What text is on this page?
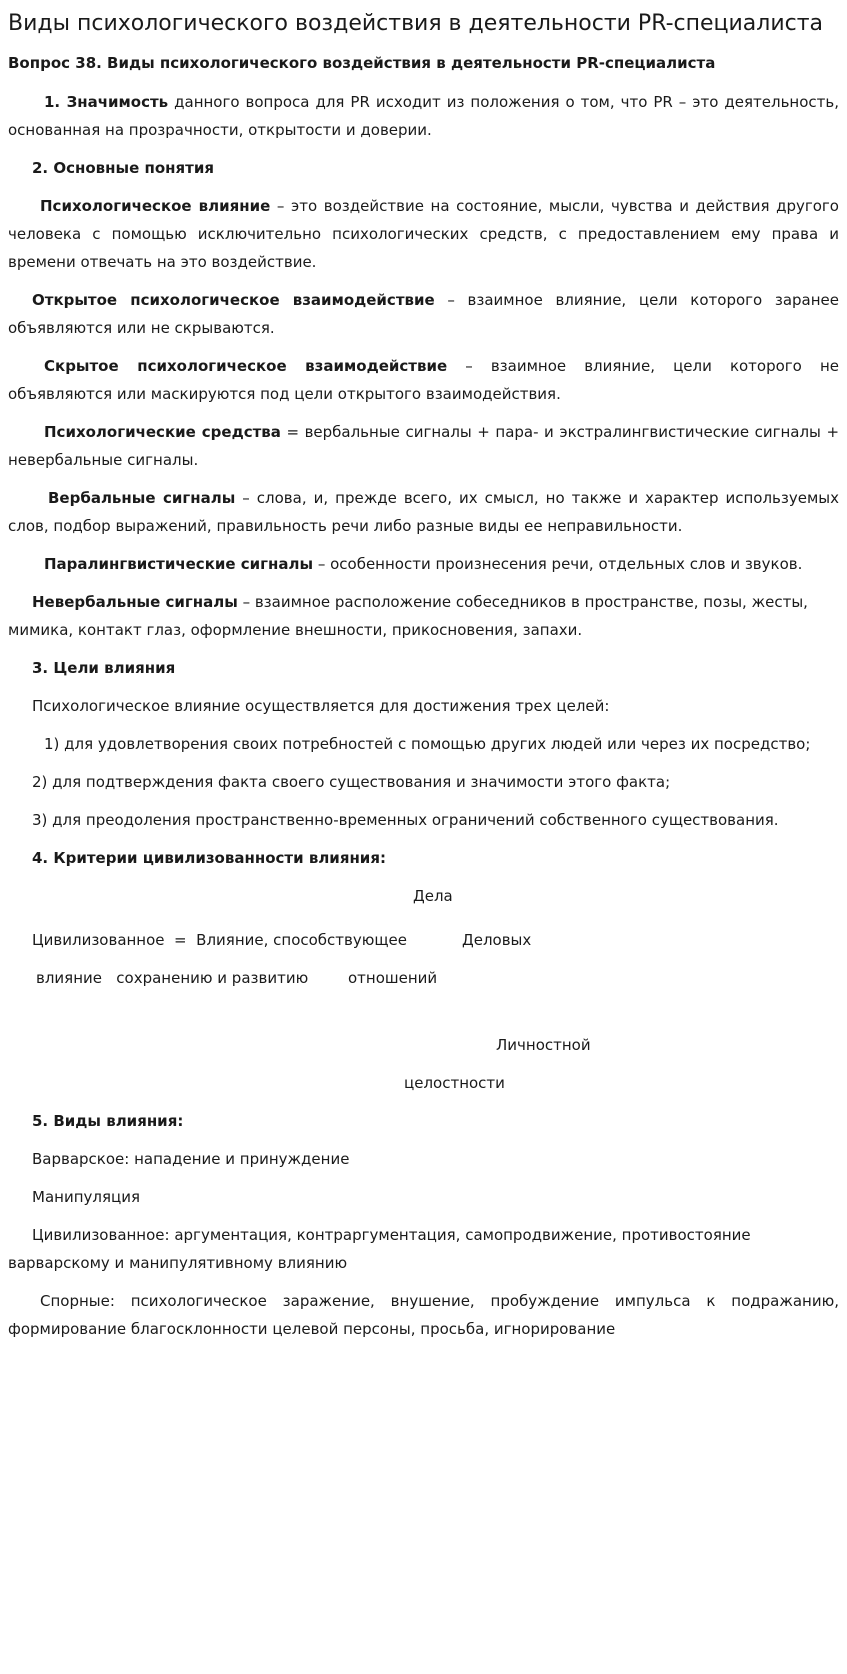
Виды психологического воздействия в деятельности PR-специалиста
Вопрос 38. Виды психологического воздействия в деятельности PR-специалиста

1. Значимость данного вопроса для PR исходит из положения о том, что PR – это деятельность, основанная на прозрачности, открытости и доверии.

2. Основные понятия

Психологическое влияние – это воздействие на состояние, мысли, чувства и действия другого человека с помощью исключительно психологических средств, с предоставлением ему права и времени отвечать на это воздействие.

Открытое психологическое взаимодействие – взаимное влияние, цели которого заранее объявляются или не скрываются.

Скрытое психологическое взаимодействие – взаимное влияние, цели которого не объявляются или маскируются под цели открытого взаимодействия.

Психологические средства = вербальные сигналы + пара- и экстралингвистические сигналы + невербальные сигналы.

Вербальные сигналы – слова, и, прежде всего, их смысл, но также и характер используемых слов, подбор выражений, правильность речи либо разные виды ее неправильности.

Паралингвистические сигналы – особенности произнесения речи, отдельных слов и звуков.

Невербальные сигналы – взаимное расположение собеседников в пространстве, позы, жесты, мимика, контакт глаз, оформление внешности, прикосновения, запахи.

3. Цели влияния

Психологическое влияние осуществляется для достижения трех целей:

1) для удовлетворения своих потребностей с помощью других людей или через их посредство;

2) для подтверждения факта своего существования и значимости этого факта;

3) для преодоления пространственно-временных ограничений собственного существования.

4. Критерии цивилизованности влияния:

Дела
Цивилизованное  =  Влияние, способствующее	Деловых
влияние   сохранению и развитию	отношений
Личностной
целостности

5. Виды влияния:

Варварское: нападение и принуждение

Манипуляция

Цивилизованное: аргументация, контраргументация, самопродвижение, противостояние варварскому и манипулятивному влиянию

Спорные: психологическое заражение, внушение, пробуждение импульса к подражанию, формирование благосклонности целевой персоны, просьба, игнорирование
